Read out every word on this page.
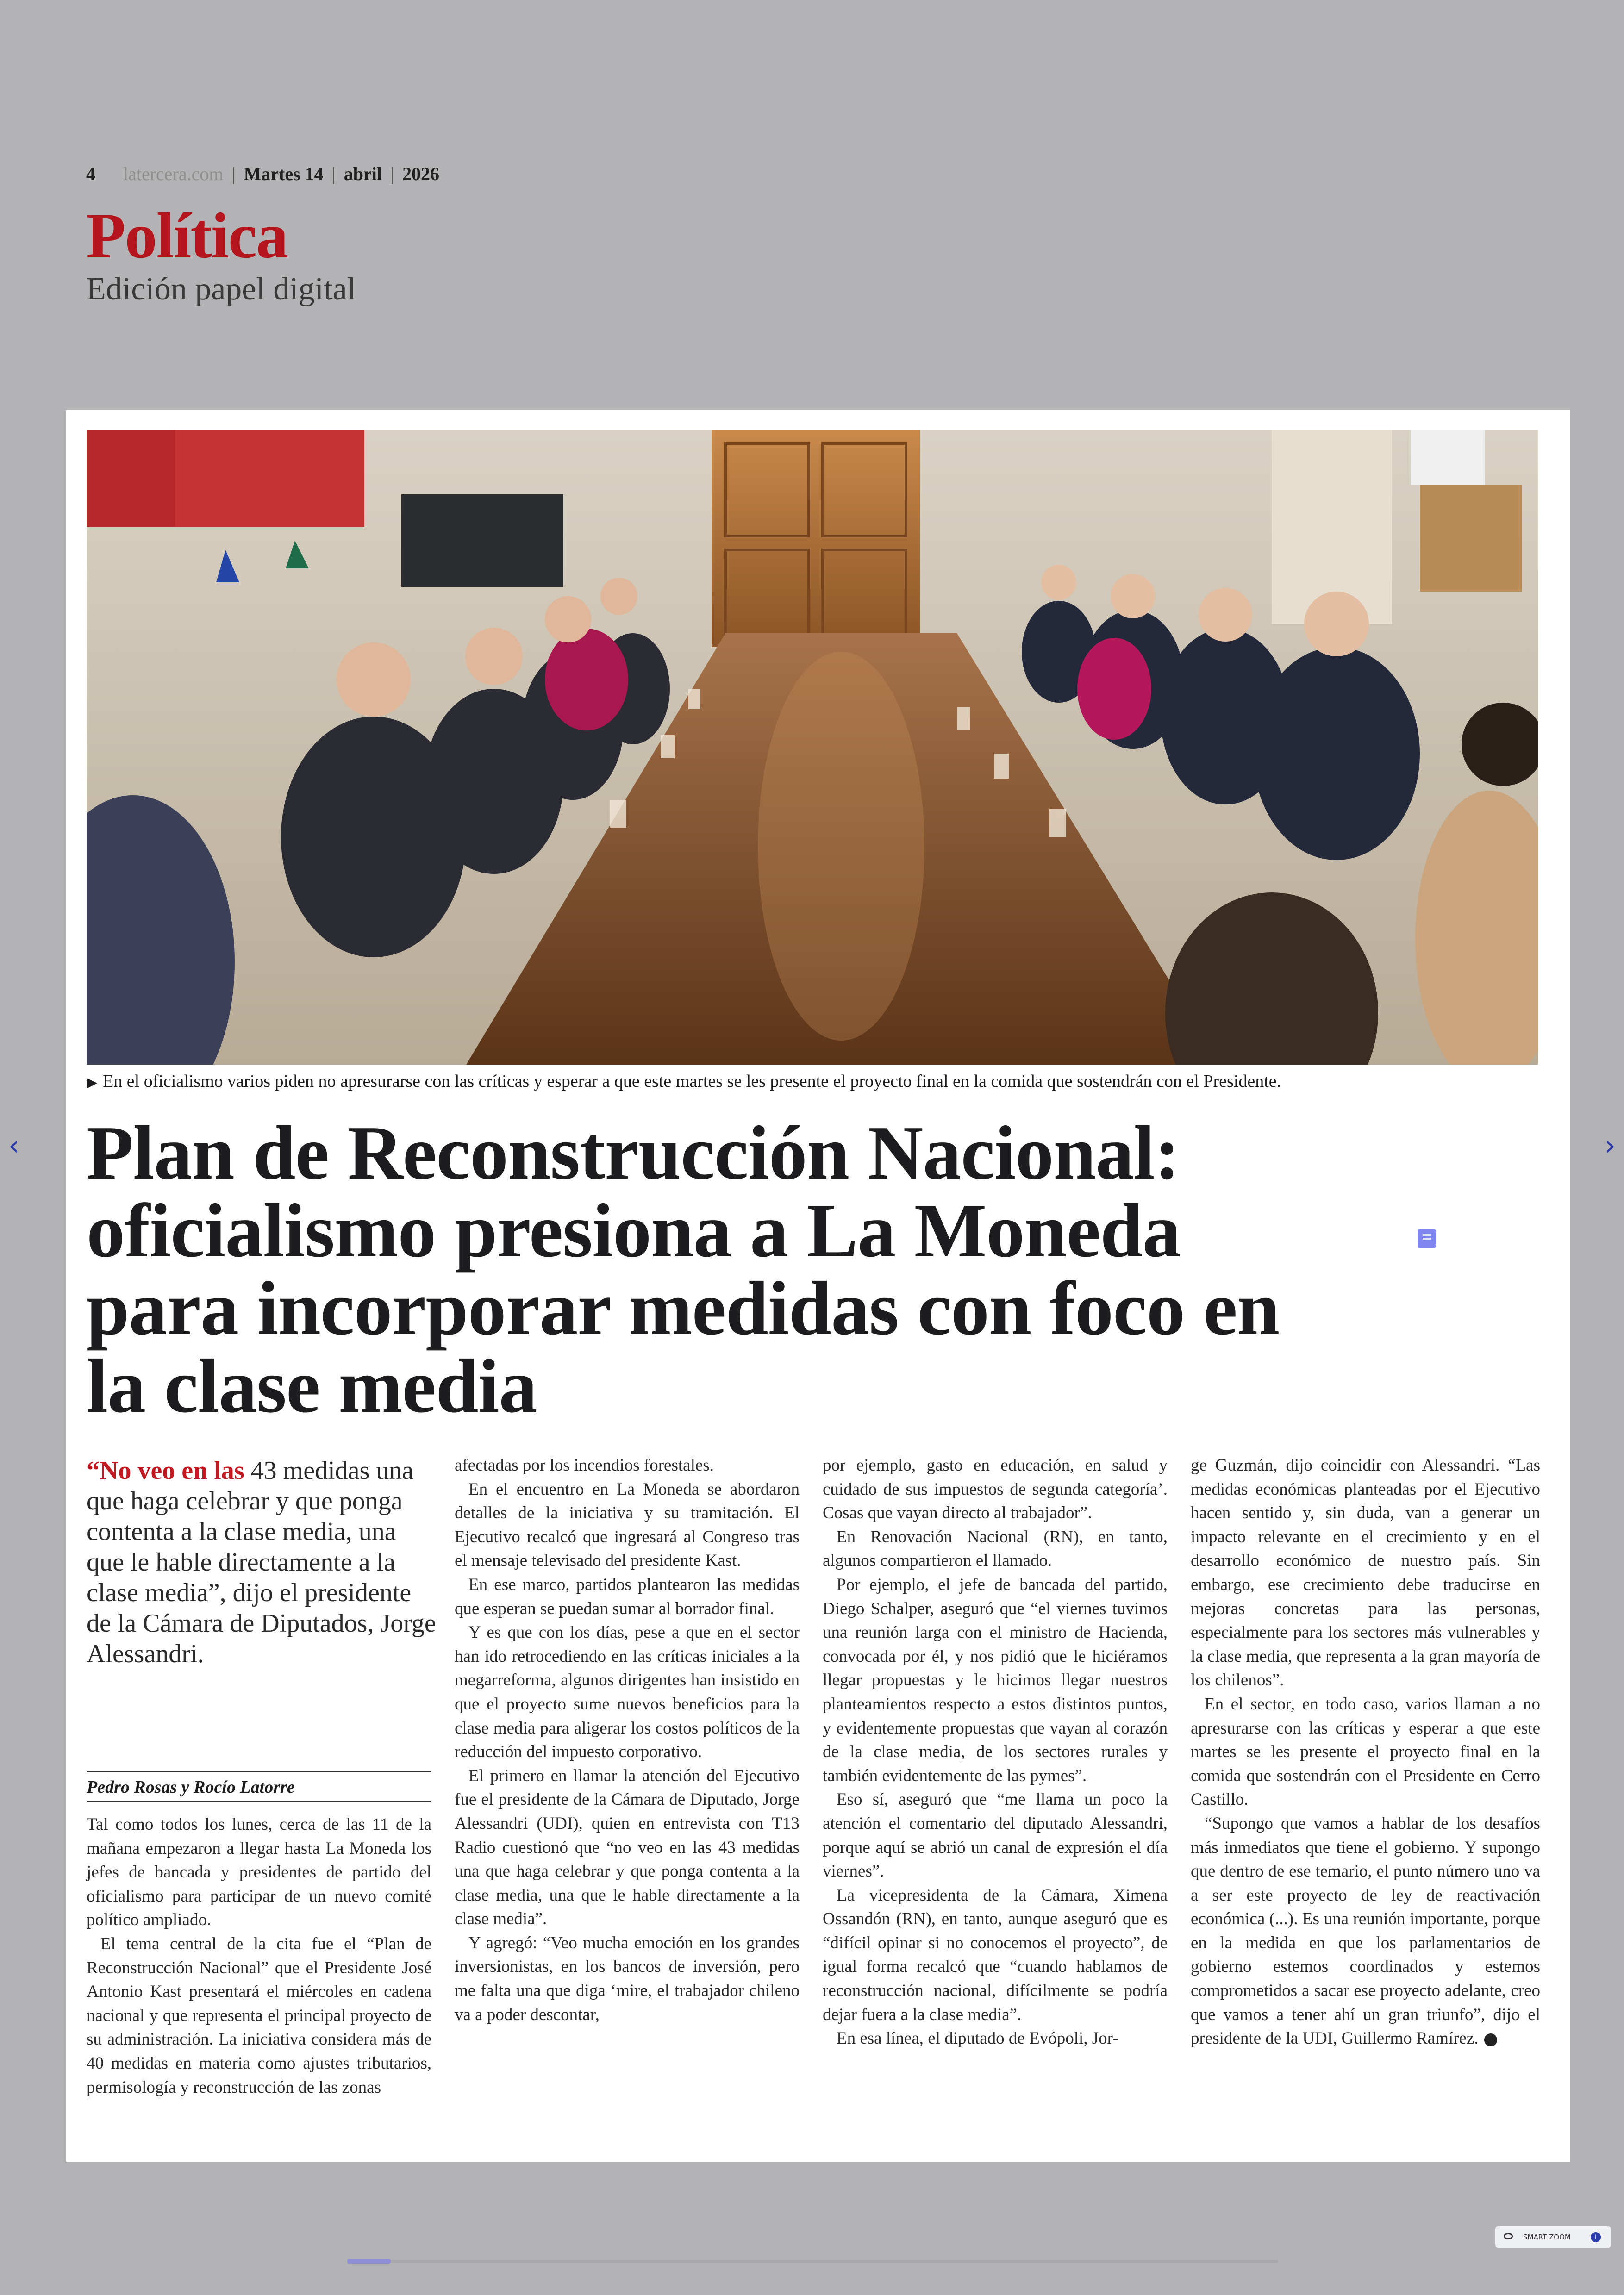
4 latercera.com | Martes 14 | abril | 2026
Política
Edición papel digital
‹	›
▶ En el oficialismo varios piden no apresurarse con las críticas y esperar a que este martes se les presente el proyecto final en la comida que sostendrán con el Presidente.
Plan de Reconstrucción Nacional: oficialismo presiona a La Moneda para incorporar medidas con foco en la clase media
“No veo en las 43 medidas una que haga celebrar y que ponga contenta a la clase media, una que le hable directamente a la clase media”, dijo el presidente de la Cámara de Diputados, Jorge Alessandri.
Pedro Rosas y Rocío Latorre

Tal como todos los lunes, cerca de las 11 de la mañana empezaron a llegar hasta La Moneda los jefes de bancada y presidentes de partido del oficialismo para participar de un nuevo comité político ampliado.

El tema central de la cita fue el “Plan de Reconstrucción Nacional” que el Presidente José Antonio Kast presentará el miércoles en cadena nacional y que representa el principal proyecto de su administración. La iniciativa considera más de 40 medidas en materia como ajustes tributarios, permisología y reconstrucción de las zonas

afectadas por los incendios forestales.

En el encuentro en La Moneda se abordaron detalles de la iniciativa y su tramitación. El Ejecutivo recalcó que ingresará al Congreso tras el mensaje televisado del presidente Kast.

En ese marco, partidos plantearon las medidas que esperan se puedan sumar al borrador final.

Y es que con los días, pese a que en el sector han ido retrocediendo en las críticas iniciales a la megarreforma, algunos dirigentes han insistido en que el proyecto sume nuevos beneficios para la clase media para aligerar los costos políticos de la reducción del impuesto corporativo.

El primero en llamar la atención del Ejecutivo fue el presidente de la Cámara de Diputado, Jorge Alessandri (UDI), quien en entrevista con T13 Radio cuestionó que “no veo en las 43 medidas una que haga celebrar y que ponga contenta a la clase media, una que le hable directamente a la clase media”.

Y agregó: “Veo mucha emoción en los grandes inversionistas, en los bancos de inversión, pero me falta una que diga ‘mire, el trabajador chileno va a poder descontar,

por ejemplo, gasto en educación, en salud y cuidado de sus impuestos de segunda categoría’. Cosas que vayan directo al trabajador”.

En Renovación Nacional (RN), en tanto, algunos compartieron el llamado.

Por ejemplo, el jefe de bancada del partido, Diego Schalper, aseguró que “el viernes tuvimos una reunión larga con el ministro de Hacienda, convocada por él, y nos pidió que le hiciéramos llegar propuestas y le hicimos llegar nuestros planteamientos respecto a estos distintos puntos, y evidentemente propuestas que vayan al corazón de la clase media, de los sectores rurales y también evidentemente de las pymes”.

Eso sí, aseguró que “me llama un poco la atención el comentario del diputado Alessandri, porque aquí se abrió un canal de expresión el día viernes”.

La vicepresidenta de la Cámara, Ximena Ossandón (RN), en tanto, aunque aseguró que es “difícil opinar si no conocemos el proyecto”, de igual forma recalcó que “cuando hablamos de reconstrucción nacional, difícilmente se podría dejar fuera a la clase media”.

En esa línea, el diputado de Evópoli, Jor-

ge Guzmán, dijo coincidir con Alessandri. “Las medidas económicas planteadas por el Ejecutivo hacen sentido y, sin duda, van a generar un impacto relevante en el crecimiento y en el desarrollo económico de nuestro país. Sin embargo, ese crecimiento debe traducirse en mejoras concretas para las personas, especialmente para los sectores más vulnerables y la clase media, que representa a la gran mayoría de los chilenos”.

En el sector, en todo caso, varios llaman a no apresurarse con las críticas y esperar a que este martes se les presente el proyecto final en la comida que sostendrán con el Presidente en Cerro Castillo.

“Supongo que vamos a hablar de los desafíos más inmediatos que tiene el gobierno. Y supongo que dentro de ese temario, el punto número uno va a ser este proyecto de ley de reactivación económica (...). Es una reunión importante, porque en la medida en que los parlamentarios de gobierno estemos coordinados y estemos comprometidos a sacar ese proyecto adelante, creo que vamos a tener ahí un gran triunfo”, dijo el presidente de la UDI, Guillermo Ramírez.

SMART ZOOM	i
